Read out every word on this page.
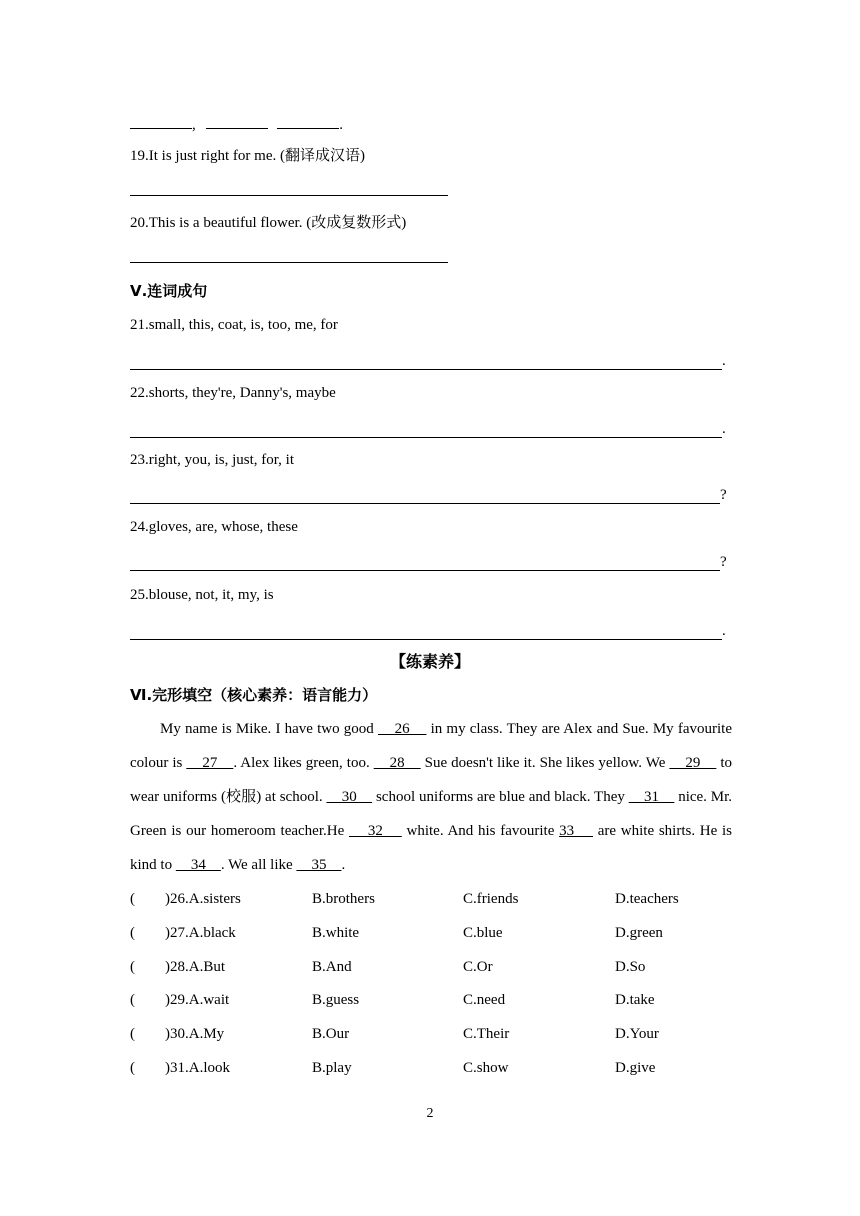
,	.
19.It is just right for me. (翻译成汉语)
20.This is a beautiful flower. (改成复数形式)
Ⅴ.连词成句
21.small, this, coat, is, too, me, for
.
22.shorts, they're, Danny's, maybe
.
23.right, you, is, just, for, it
?
24.gloves, are, whose, these
?
25.blouse, not, it, my, is
.
【练素养】
Ⅵ.完形填空（核心素养：语言能力）

My name is Mike. I have two good     26     in my class. They are Alex and Sue. My favourite colour is     27    . Alex likes green, too.     28     Sue doesn't like it. She likes yellow. We     29     to wear uniforms (校服) at school.     30     school uniforms are blue and black. They     31     nice. Mr. Green is our homeroom teacher.He     32     white. And his favourite 33     are white shirts. He is kind to     34    . We all like     35    .

( )26.A.sisters	B.brothers	C.friends	D.teachers
( )27.A.black	B.white	C.blue	D.green
( )28.A.But	B.And	C.Or	D.So
( )29.A.wait	B.guess	C.need	D.take
( )30.A.My	B.Our	C.Their	D.Your
( )31.A.look	B.play	C.show	D.give
2
